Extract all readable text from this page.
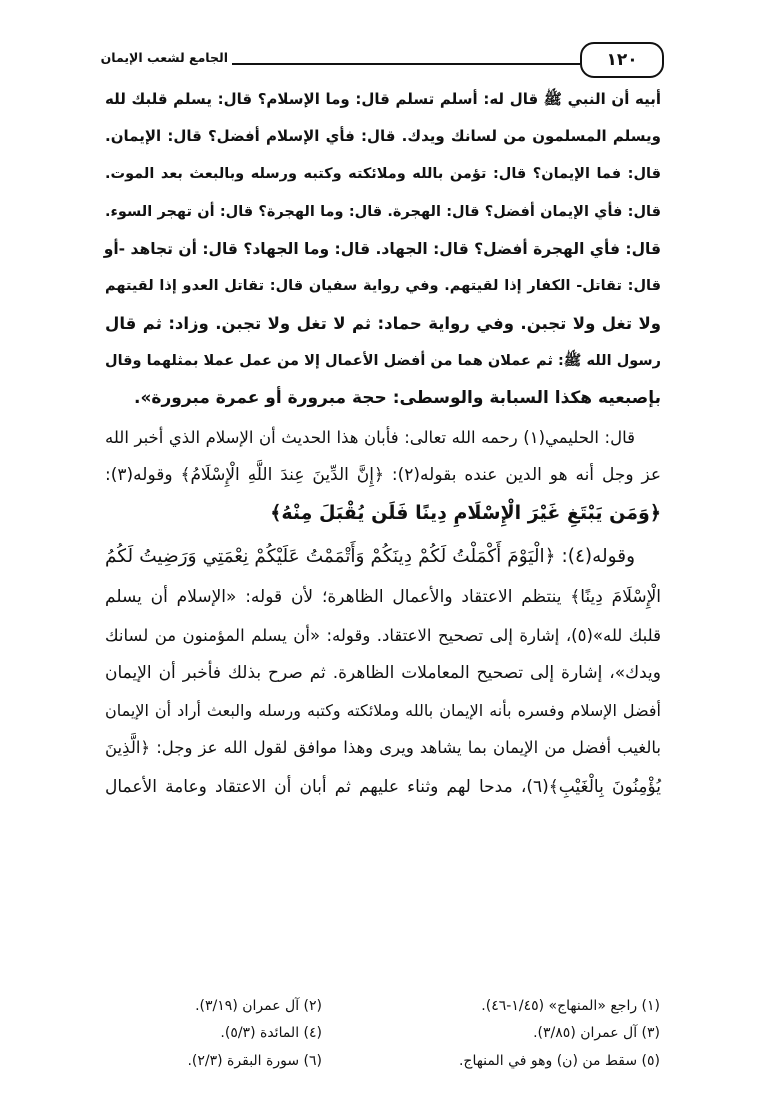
١٢٠
الجامع لشعب الإيمان
أبيه أن النبي ﷺ قال له: أسلم تسلم قال: وما الإسلام؟ قال: يسلم قلبك لله
ويسلم المسلمون من لسانك ويدك. قال: فأي الإسلام أفضل؟ قال: الإيمان.
قال: فما الإيمان؟ قال: تؤمن بالله وملائكته وكتبه ورسله وبالبعث بعد الموت.
قال: فأي الإيمان أفضل؟ قال: الهجرة. قال: وما الهجرة؟ قال: أن تهجر السوء.
قال: فأي الهجرة أفضل؟ قال: الجهاد. قال: وما الجهاد؟ قال: أن تجاهد -أو
قال: تقاتل- الكفار إذا لقيتهم. وفي رواية سفيان قال: تقاتل العدو إذا لقيتهم
ولا تغل ولا تجبن. وفي رواية حماد: ثم لا تغل ولا تجبن. وزاد: ثم قال
رسول الله ﷺ: ثم عملان هما من أفضل الأعمال إلا من عمل عملا بمثلهما وقال
بإصبعيه هكذا السبابة والوسطى: حجة مبرورة أو عمرة مبرورة».
قال: الحليمي(١) رحمه الله تعالى: فأبان هذا الحديث أن الإسلام الذي أخبر الله
عز وجل أنه هو الدين عنده بقوله(٢): ﴿إِنَّ الدِّينَ عِندَ اللَّهِ الْإِسْلَامُ﴾ وقوله(٣):
﴿وَمَن يَبْتَغِ غَيْرَ الْإِسْلَامِ دِينًا فَلَن يُقْبَلَ مِنْهُ﴾
وقوله(٤): ﴿الْيَوْمَ أَكْمَلْتُ لَكُمْ دِينَكُمْ وَأَتْمَمْتُ عَلَيْكُمْ نِعْمَتِي وَرَضِيتُ لَكُمُ
الْإِسْلَامَ دِينًا﴾ ينتظم الاعتقاد والأعمال الظاهرة؛ لأن قوله: «الإسلام أن يسلم
قلبك لله»(٥)، إشارة إلى تصحيح الاعتقاد. وقوله: «أن يسلم المؤمنون من لسانك
ويدك»، إشارة إلى تصحيح المعاملات الظاهرة. ثم صرح بذلك فأخبر أن الإيمان
أفضل الإسلام وفسره بأنه الإيمان بالله وملائكته وكتبه ورسله والبعث أراد أن الإيمان
بالغيب أفضل من الإيمان بما يشاهد ويرى وهذا موافق لقول الله عز وجل: ﴿الَّذِينَ
يُؤْمِنُونَ بِالْغَيْبِ﴾(٦)، مدحا لهم وثناء عليهم ثم أبان أن الاعتقاد وعامة الأعمال
(١) راجع «المنهاج» (١/٤٥-٤٦).
(٢) آل عمران (٣/١٩).
(٣) آل عمران (٣/٨٥).
(٤) المائدة (٥/٣).
(٥) سقط من (ن) وهو في المنهاج.
(٦) سورة البقرة (٢/٣).
